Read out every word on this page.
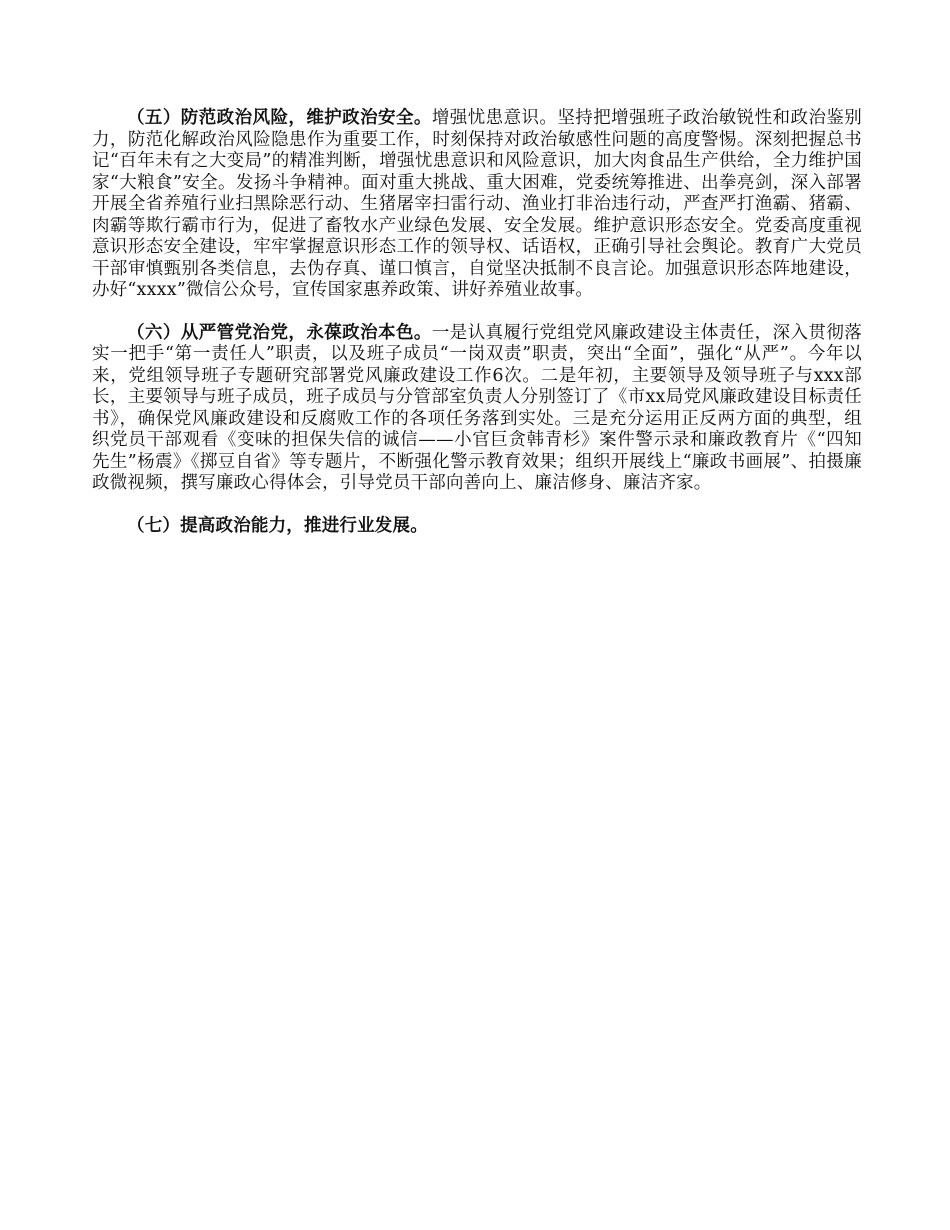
（五）防范政治风险，维护政治安全。增强忧患意识。坚持把增强班子政治敏锐性和政治鉴别力，防范化解政治风险隐患作为重要工作，时刻保持对政治敏感性问题的高度警惕。深刻把握总书记“百年未有之大变局”的精准判断，增强忧患意识和风险意识，加大肉食品生产供给，全力维护国家“大粮食”安全。发扬斗争精神。面对重大挑战、重大困难，党委统筹推进、出拳亮剑，深入部署开展全省养殖行业扫黑除恶行动、生猪屠宰扫雷行动、渔业打非治违行动，严查严打渔霸、猪霸、肉霸等欺行霸市行为，促进了畜牧水产业绿色发展、安全发展。维护意识形态安全。党委高度重视意识形态安全建设，牢牢掌握意识形态工作的领导权、话语权，正确引导社会舆论。教育广大党员干部审慎甄别各类信息，去伪存真、谨口慎言，自觉坚决抵制不良言论。加强意识形态阵地建设，办好“xxxx”微信公众号，宣传国家惠养政策、讲好养殖业故事。

（六）从严管党治党，永葆政治本色。一是认真履行党组党风廉政建设主体责任，深入贯彻落实一把手“第一责任人”职责，以及班子成员“一岗双责”职责，突出“全面”，强化“从严”。今年以来，党组领导班子专题研究部署党风廉政建设工作6次。二是年初，主要领导及领导班子与xxx部长，主要领导与班子成员，班子成员与分管部室负责人分别签订了《市xx局党风廉政建设目标责任书》，确保党风廉政建设和反腐败工作的各项任务落到实处。三是充分运用正反两方面的典型，组织党员干部观看《变味的担保失信的诚信——小官巨贪韩青杉》案件警示录和廉政教育片《“四知先生”杨震》《掷豆自省》等专题片，不断强化警示教育效果；组织开展线上“廉政书画展”、拍摄廉政微视频，撰写廉政心得体会，引导党员干部向善向上、廉洁修身、廉洁齐家。

（七）提高政治能力，推进行业发展。
